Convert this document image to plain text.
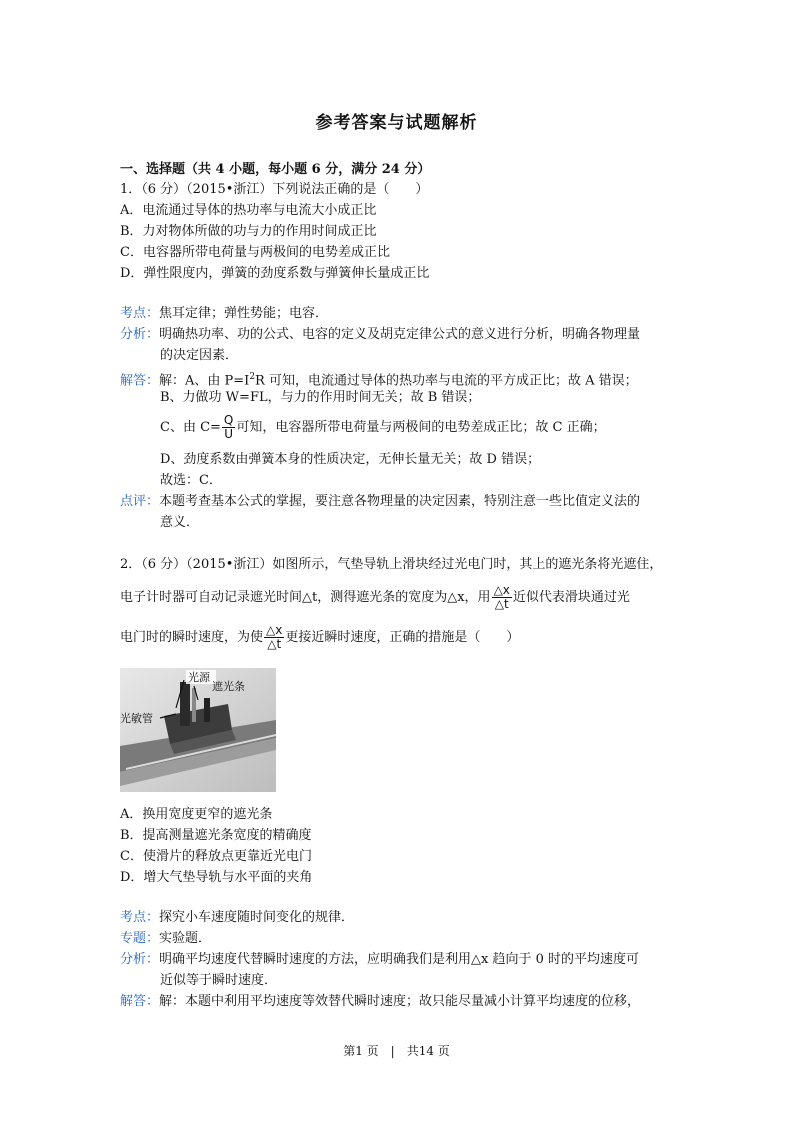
参考答案与试题解析
一、选择题（共 4 小题，每小题 6 分，满分 24 分）
1．（6 分）（2015•浙江）下列说法正确的是（　　）
A．电流通过导体的热功率与电流大小成正比
B．力对物体所做的功与力的作用时间成正比
C．电容器所带电荷量与两极间的电势差成正比
D．弹性限度内，弹簧的劲度系数与弹簧伸长量成正比
考点：焦耳定律；弹性势能；电容．
分析：明确热功率、功的公式、电容的定义及胡克定律公式的意义进行分析，明确各物理量
的决定因素．
解答：解：A、由 $P=I^2R$ 可知，电流通过导体的热功率与电流的平方成正比；故 A 错误；
B、力做功 W=FL，与力的作用时间无关；故 B 错误；
C、由 $C= \frac{Q}{U}$ 可知，电容器所带电荷量与两极间的电势差成正比；故 C 正确；
D、劲度系数由弹簧本身的性质决定，无伸长量无关；故 D 错误；
故选：C．
点评：本题考查基本公式的掌握，要注意各物理量的决定因素，特别注意一些比值定义法的
意义．
2．（6 分）（2015•浙江）如图所示，气垫导轨上滑块经过光电门时，其上的遮光条将光遮住，
电子计时器可自动记录遮光时间△t，测得遮光条的宽度为△x，用 $\frac{\triangle x}{\triangle t}$ 近似代表滑块通过光
电门时的瞬时速度，为使 $\frac{\triangle x}{\triangle t}$ 更接近瞬时速度，正确的措施是（　　）
光源
遮光条
光敏管
A．换用宽度更窄的遮光条
B．提高测量遮光条宽度的精确度
C．使滑片的释放点更靠近光电门
D．增大气垫导轨与水平面的夹角
考点：探究小车速度随时间变化的规律．
专题：实验题．
分析：明确平均速度代替瞬时速度的方法，应明确我们是利用△x 趋向于 0 时的平均速度可
近似等于瞬时速度．
解答：解：本题中利用平均速度等效替代瞬时速度；故只能尽量减小计算平均速度的位移，
第1 页　|　共14 页
